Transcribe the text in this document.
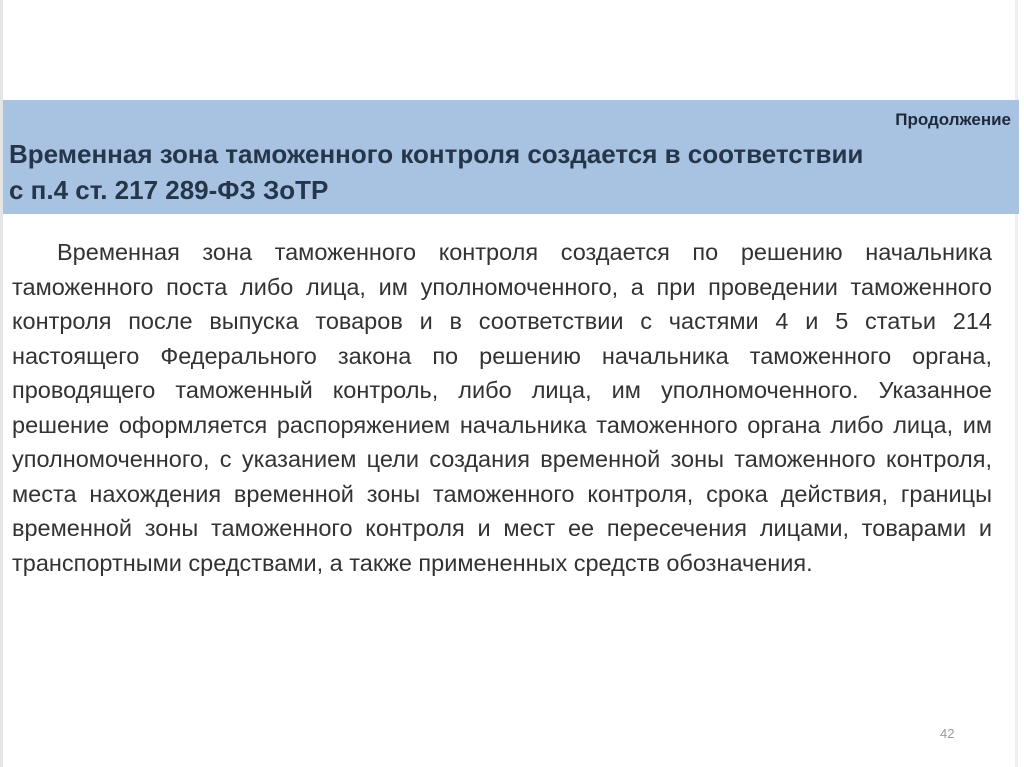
Продолжение
Временная зона таможенного контроля создается в соответствии с п.4 ст. 217 289-ФЗ ЗоТР

Временная зона таможенного контроля создается по решению начальника таможенного поста либо лица, им уполномоченного, а при проведении таможенного контроля после выпуска товаров и в соответствии с частями 4 и 5 статьи 214 настоящего Федерального закона по решению начальника таможенного органа, проводящего таможенный контроль, либо лица, им уполномоченного. Указанное решение оформляется распоряжением начальника таможенного органа либо лица, им уполномоченного, с указанием цели создания временной зоны таможенного контроля, места нахождения временной зоны таможенного контроля, срока действия, границы временной зоны таможенного контроля и мест ее пересечения лицами, товарами и транспортными средствами, а также примененных средств обозначения.

42
